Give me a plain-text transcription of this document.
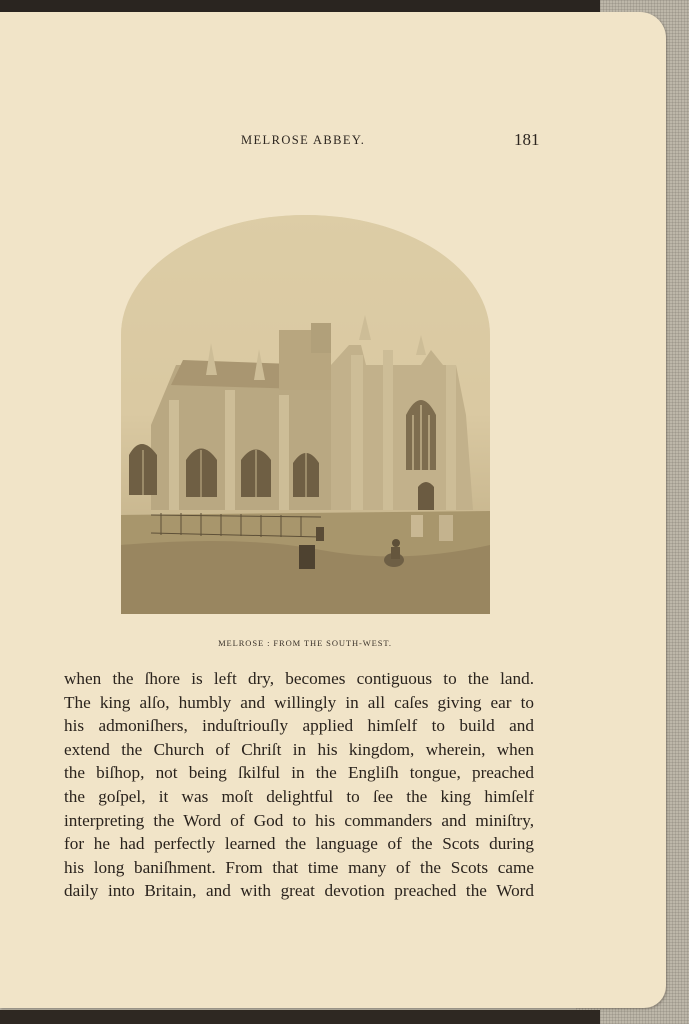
MELROSE ABBEY.	181
MELROSE : FROM THE SOUTH-WEST.
when the ſhore is left dry, becomes contiguous to the land.
The king alſo, humbly and willingly in all caſes giving ear to
his admoniſhers, induſtriouſly applied himſelf to build and
extend the Church of Chriſt in his kingdom, wherein, when
the biſhop, not being ſkilful in the Engliſh tongue, preached
the goſpel, it was moſt delightful to ſee the king himſelf
interpreting the Word of God to his commanders and miniſtry,
for he had perfectly learned the language of the Scots during
his long baniſhment. From that time many of the Scots came
daily into Britain, and with great devotion preached the Word
